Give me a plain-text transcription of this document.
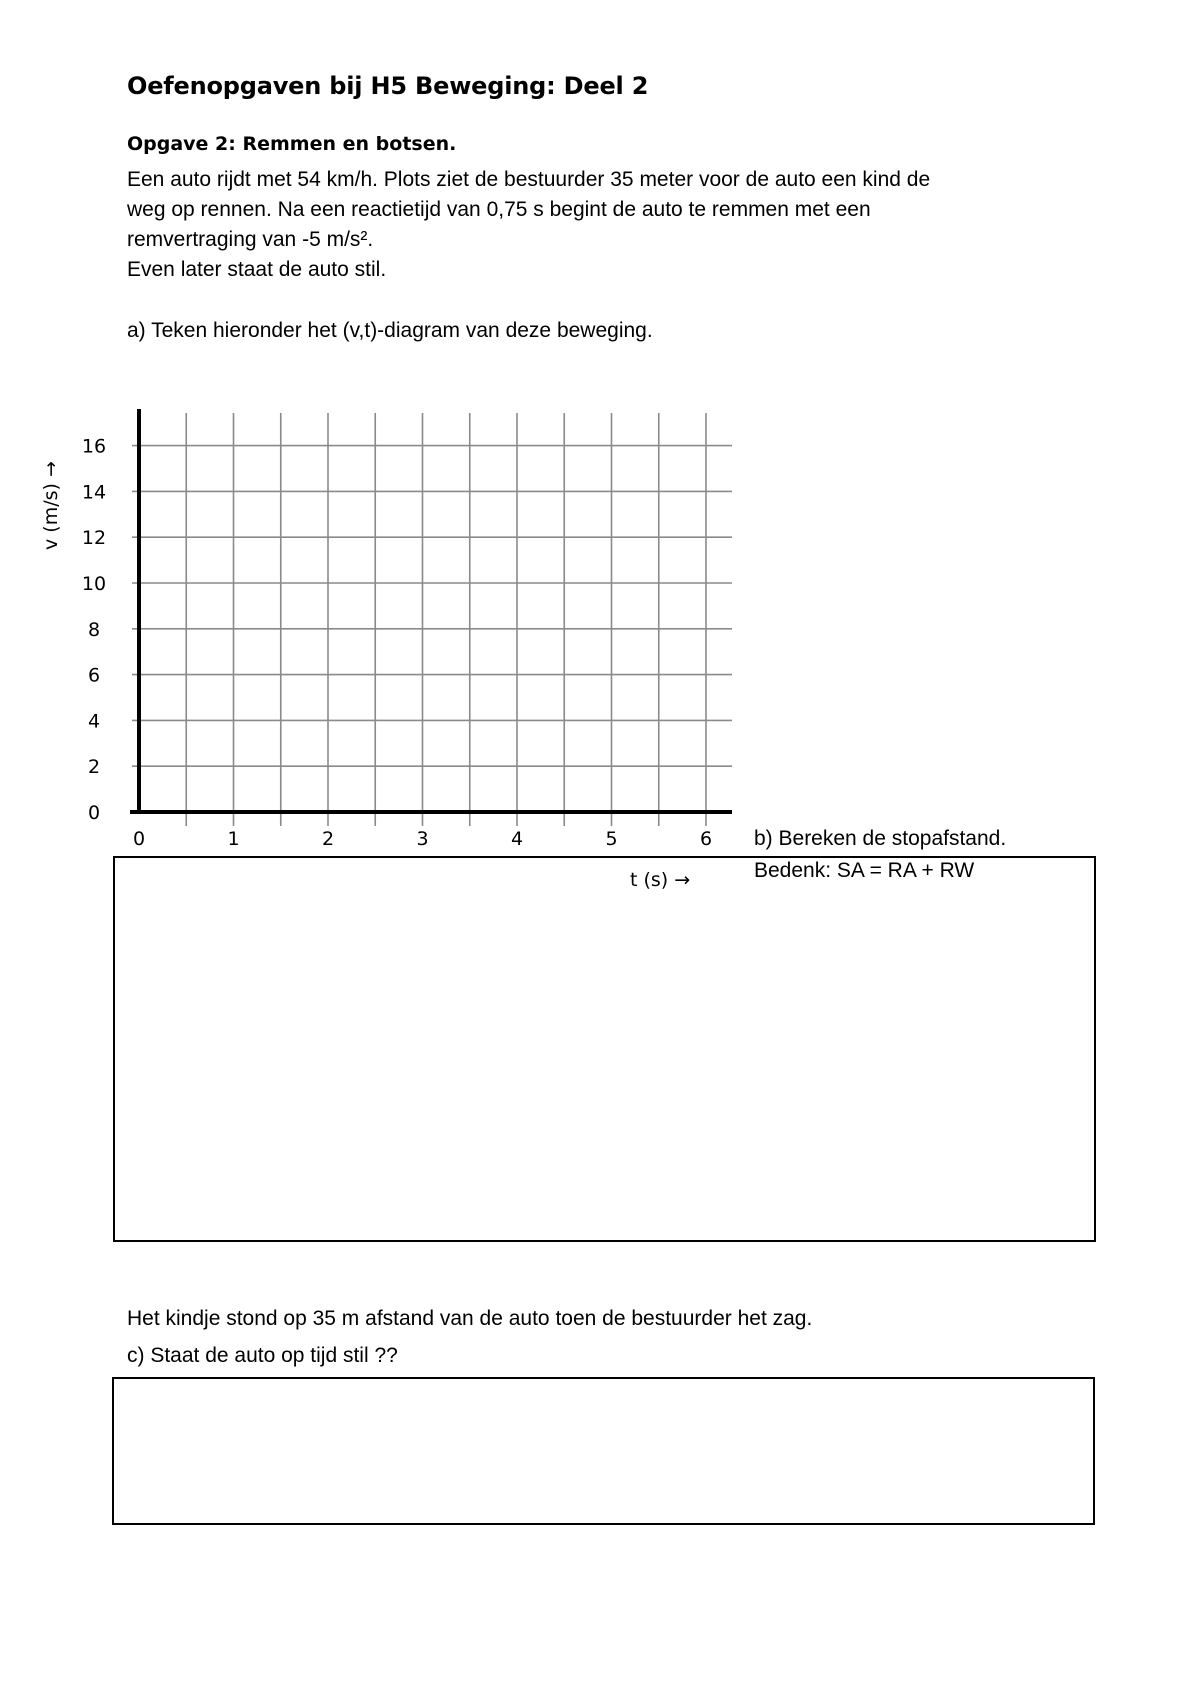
Oefenopgaven bij H5 Beweging: Deel 2
Opgave 2: Remmen en botsen.
Een auto rijdt met 54 km/h. Plots ziet de bestuurder 35 meter voor de auto een kind de
weg op rennen. Na een reactietijd van 0,75 s begint de auto te remmen met een
remvertraging van -5 m/s².
Even later staat de auto stil.
a) Teken hieronder het (v,t)-diagram van deze beweging.
0	1	2	3	4	5	6
0
2
4
6
8
10
12
14
16
t (s) →
v (m/s) →
b) Bereken de stopafstand.
Bedenk: SA = RA + RW
Het kindje stond op 35 m afstand van de auto toen de bestuurder het zag.
c) Staat de auto op tijd stil ??
